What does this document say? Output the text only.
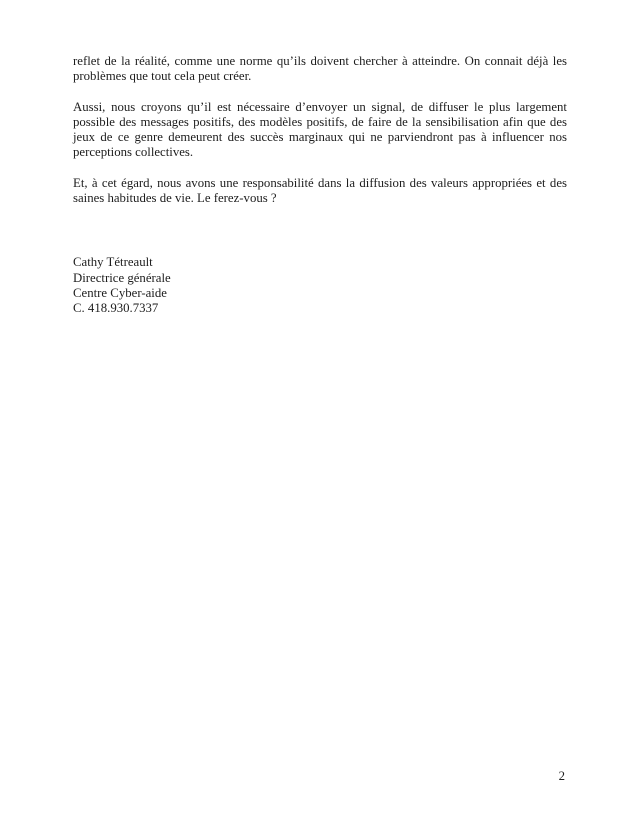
reflet de la réalité, comme une norme qu’ils doivent chercher à atteindre. On connait déjà les problèmes que tout cela peut créer.

Aussi, nous croyons qu’il est nécessaire d’envoyer un signal, de diffuser le plus largement possible des messages positifs, des modèles positifs, de faire de la sensibilisation afin que des jeux de ce genre demeurent des succès marginaux qui ne parviendront pas à influencer nos perceptions collectives.

Et, à cet égard, nous avons une responsabilité dans la diffusion des valeurs appropriées et des saines habitudes de vie. Le ferez-vous ?

Cathy Tétreault
Directrice générale
Centre Cyber-aide
C. 418.930.7337
2
